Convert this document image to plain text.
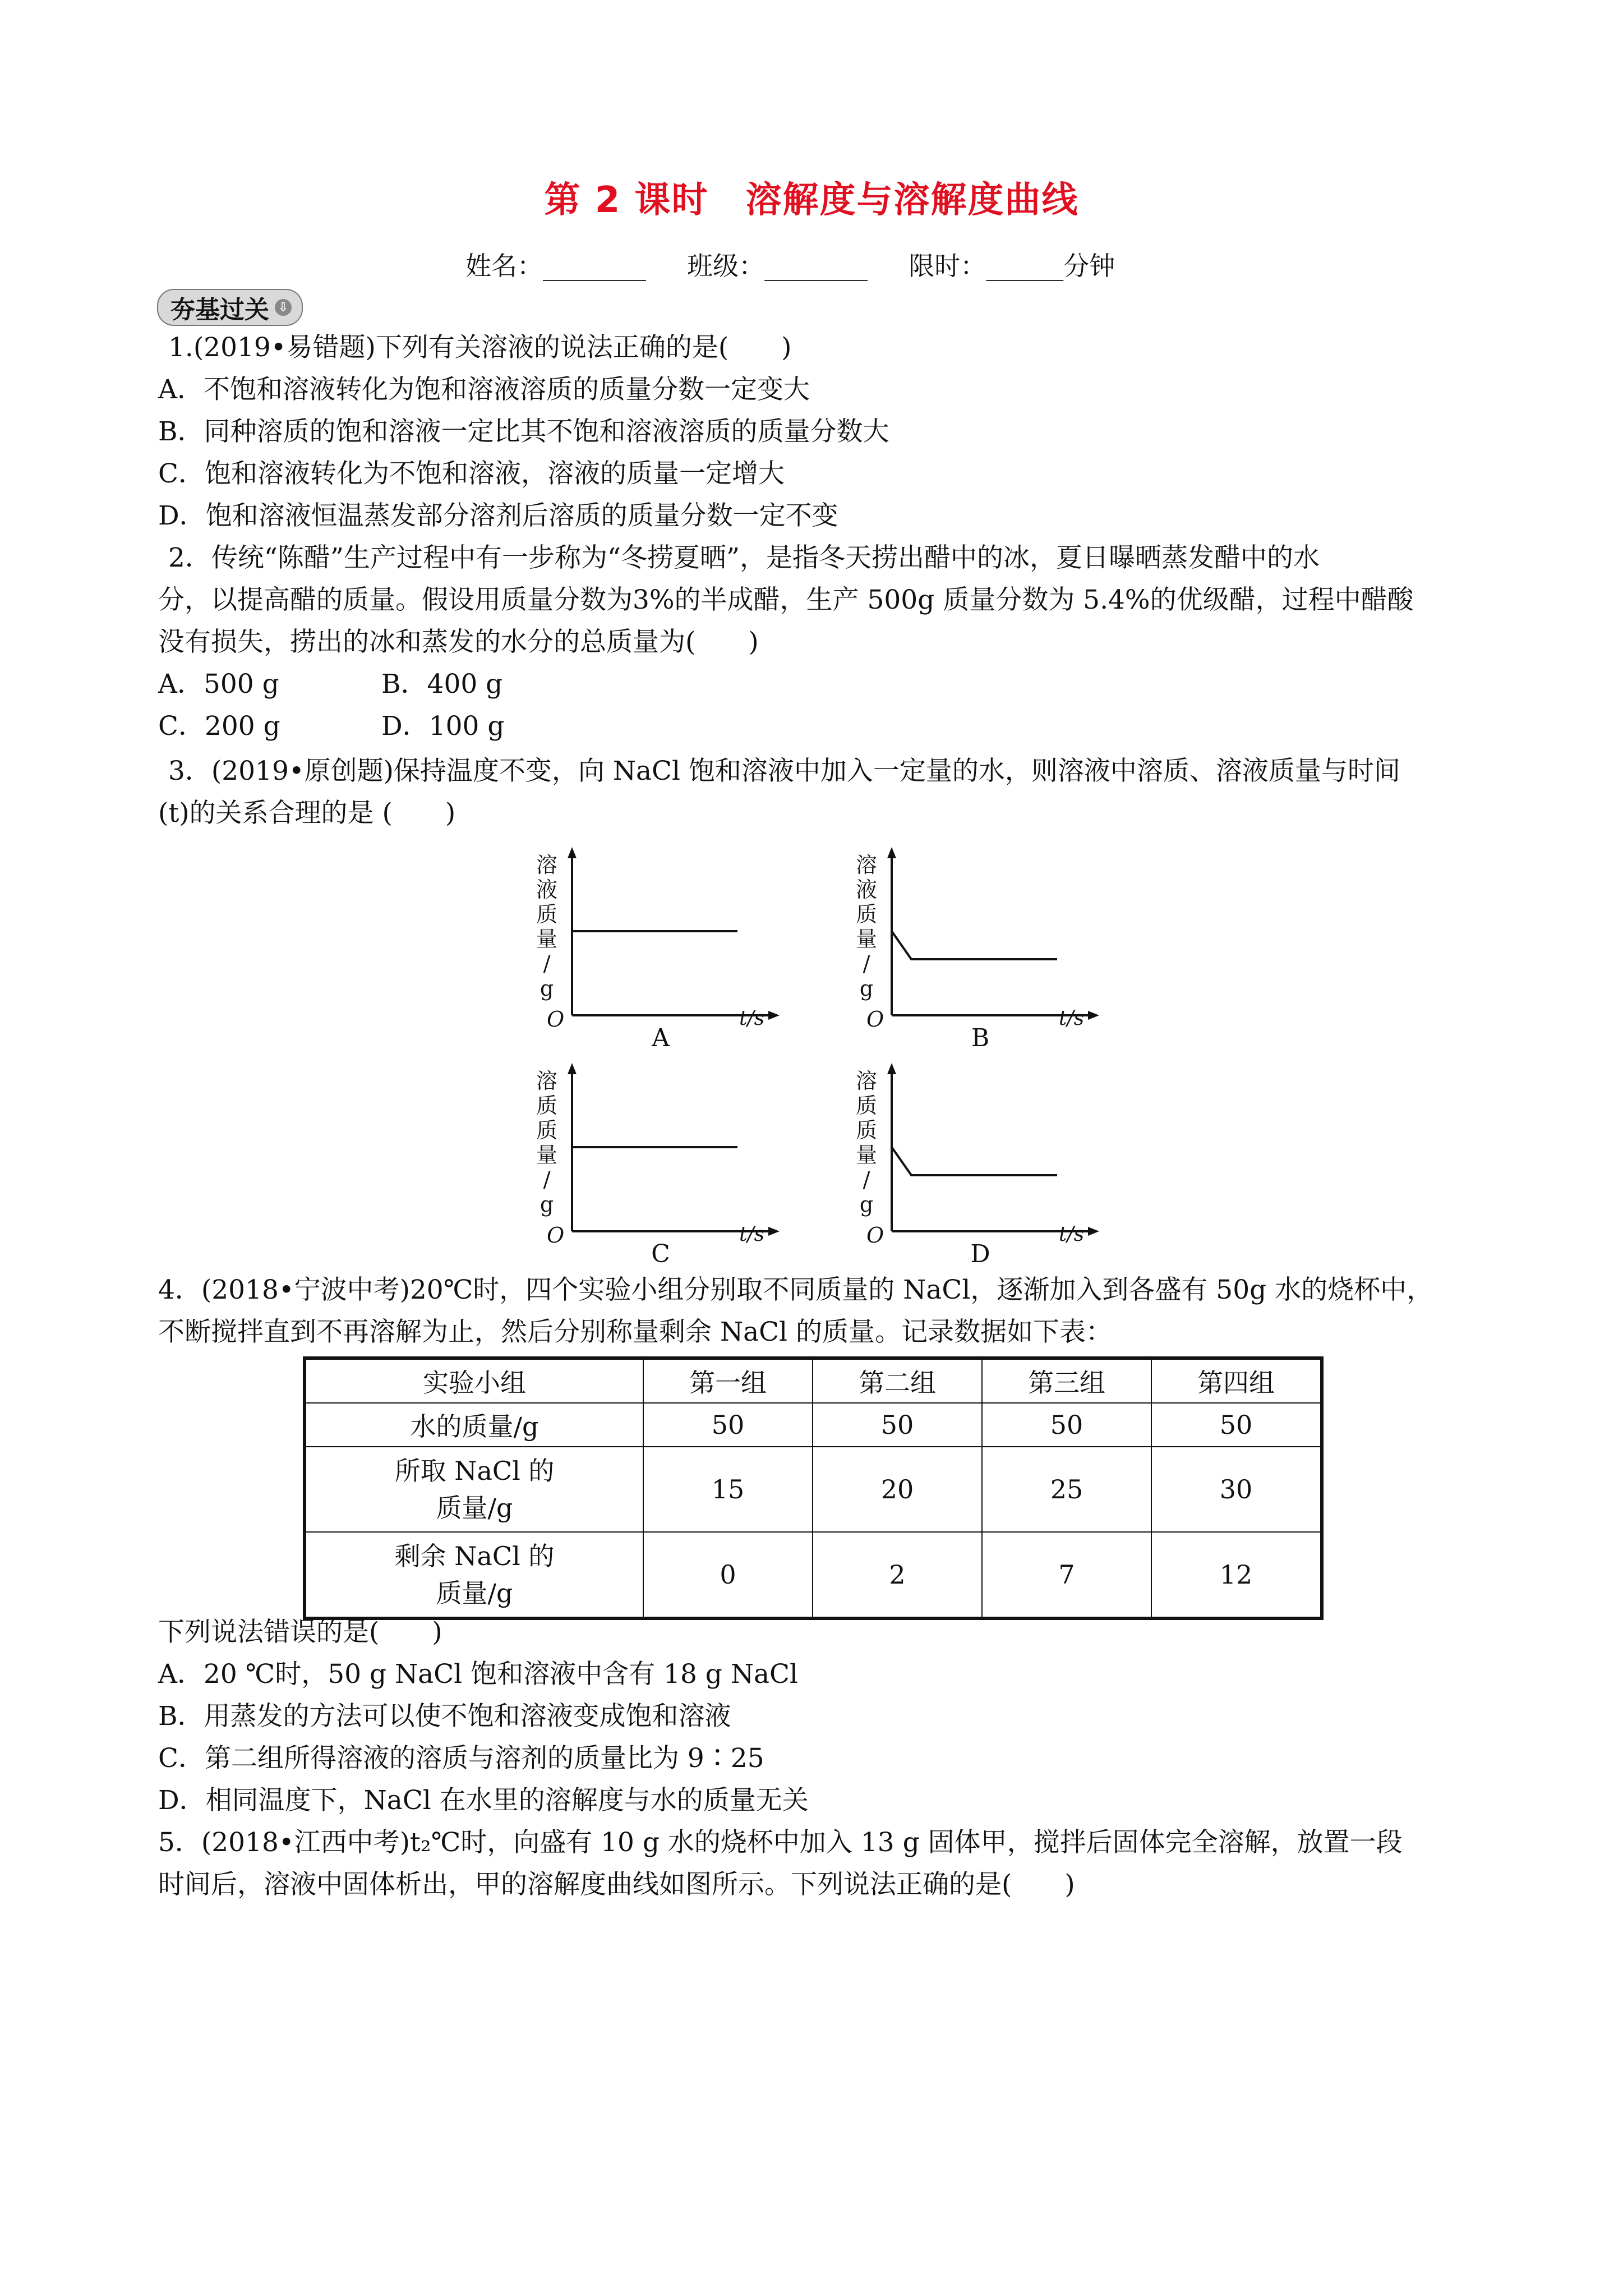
第 2 课时　溶解度与溶解度曲线
姓名：________ 班级：________ 限时：______分钟
夯基过关 ⇩
1.(2019•易错题)下列有关溶液的说法正确的是(　　)
A．不饱和溶液转化为饱和溶液溶质的质量分数一定变大
B．同种溶质的饱和溶液一定比其不饱和溶液溶质的质量分数大
C．饱和溶液转化为不饱和溶液，溶液的质量一定增大
D．饱和溶液恒温蒸发部分溶剂后溶质的质量分数一定不变
2．传统“陈醋”生产过程中有一步称为“冬捞夏晒”，是指冬天捞出醋中的冰，夏日曝晒蒸发醋中的水
分，以提高醋的质量。假设用质量分数为3%的半成醋，生产 500g 质量分数为 5.4%的优级醋，过程中醋酸
没有损失，捞出的冰和蒸发的水分的总质量为(　　)
A．500 g	B．400 g
C．200 g	D．100 g
3．(2019•原创题)保持温度不变，向 NaCl 饱和溶液中加入一定量的水，则溶液中溶质、溶液质量与时间
(t)的关系合理的是 (　　)
溶
液
质
量
/
g
O	t/s
A
溶
液
质
量
/
g
O	t/s
B
溶
质
质
量
/
g
O	t/s
C
溶
质
质
量
/
g
O	t/s
D
4．(2018•宁波中考)20℃时，四个实验小组分别取不同质量的 NaCl，逐渐加入到各盛有 50g 水的烧杯中，
不断搅拌直到不再溶解为止，然后分别称量剩余 NaCl 的质量。记录数据如下表：
实验小组	第一组	第二组	第三组	第四组
水的质量/g	50	50	50	50

所取 NaCl 的
质量/g	15	20	25	30

剩余 NaCl 的
质量/g	0	2	7	12
下列说法错误的是(　　)
A．20 ℃时，50 g NaCl 饱和溶液中含有 18 g NaCl
B．用蒸发的方法可以使不饱和溶液变成饱和溶液
C．第二组所得溶液的溶质与溶剂的质量比为 9∶25
D．相同温度下，NaCl 在水里的溶解度与水的质量无关
5．(2018•江西中考)t₂℃时，向盛有 10 g 水的烧杯中加入 13 g 固体甲，搅拌后固体完全溶解，放置一段
时间后，溶液中固体析出，甲的溶解度曲线如图所示。下列说法正确的是(　　)
